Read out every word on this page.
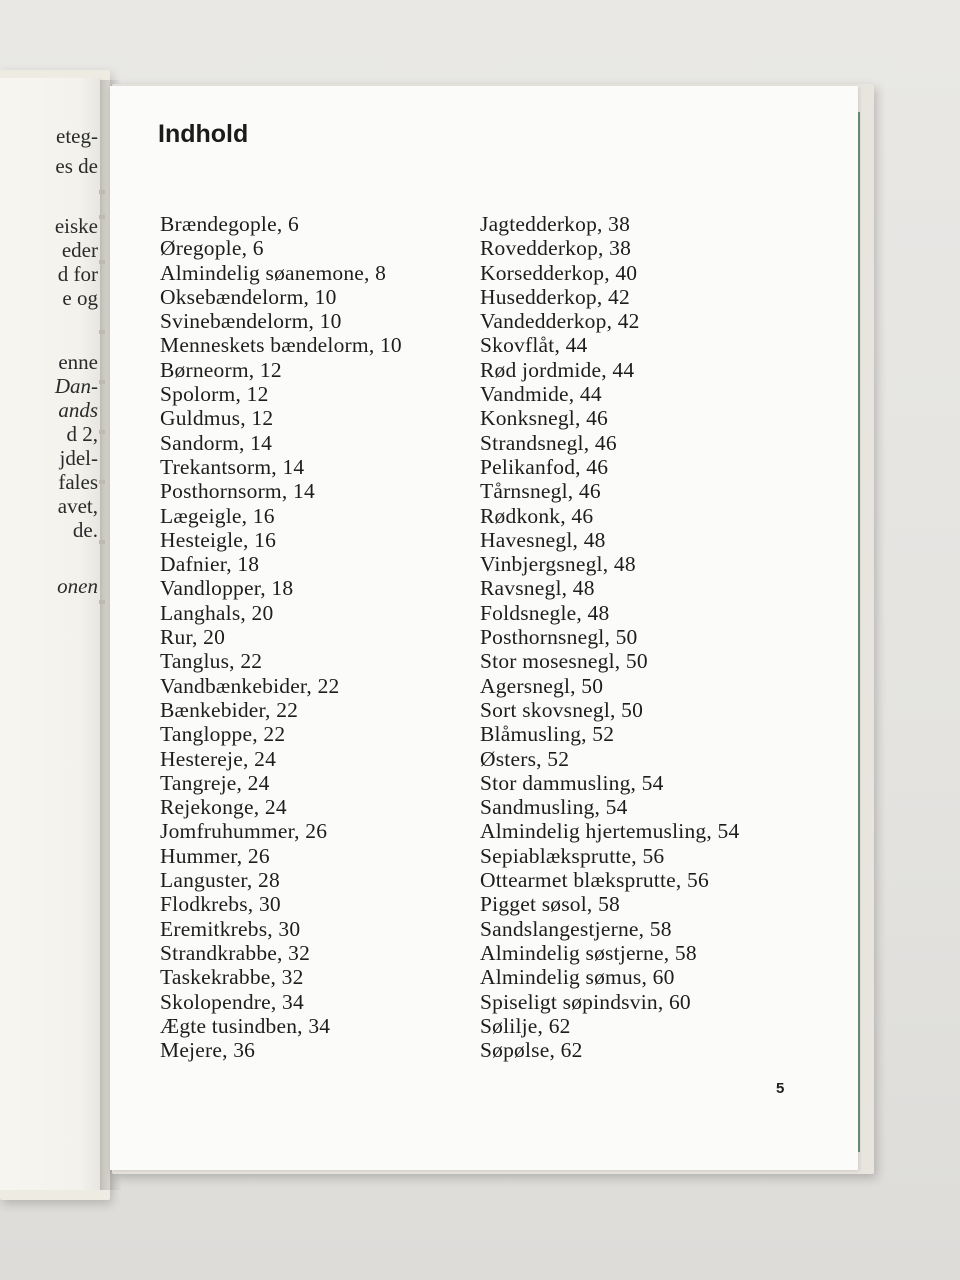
eteg-
es de
eiske
eder
d for
e og
enne
Dan-
ands
d 2,
jdel-
fales
avet,
de.
onen
Indhold
Brændegople, 6
Øregople, 6
Almindelig søanemone, 8
Oksebændelorm, 10
Svinebændelorm, 10
Menneskets bændelorm, 10
Børneorm, 12
Spolorm, 12
Guldmus, 12
Sandorm, 14
Trekantsorm, 14
Posthornsorm, 14
Lægeigle, 16
Hesteigle, 16
Dafnier, 18
Vandlopper, 18
Langhals, 20
Rur, 20
Tanglus, 22
Vandbænkebider, 22
Bænkebider, 22
Tangloppe, 22
Hestereje, 24
Tangreje, 24
Rejekonge, 24
Jomfruhummer, 26
Hummer, 26
Languster, 28
Flodkrebs, 30
Eremitkrebs, 30
Strandkrabbe, 32
Taskekrabbe, 32
Skolopendre, 34
Ægte tusindben, 34
Mejere, 36
Jagtedderkop, 38
Rovedderkop, 38
Korsedderkop, 40
Husedderkop, 42
Vandedderkop, 42
Skovflåt, 44
Rød jordmide, 44
Vandmide, 44
Konksnegl, 46
Strandsnegl, 46
Pelikanfod, 46
Tårnsnegl, 46
Rødkonk, 46
Havesnegl, 48
Vinbjergsnegl, 48
Ravsnegl, 48
Foldsnegle, 48
Posthornsnegl, 50
Stor mosesnegl, 50
Agersnegl, 50
Sort skovsnegl, 50
Blåmusling, 52
Østers, 52
Stor dammusling, 54
Sandmusling, 54
Almindelig hjertemusling, 54
Sepiablæksprutte, 56
Ottearmet blæksprutte, 56
Pigget søsol, 58
Sandslangestjerne, 58
Almindelig søstjerne, 58
Almindelig sømus, 60
Spiseligt søpindsvin, 60
Sølilje, 62
Søpølse, 62
5
